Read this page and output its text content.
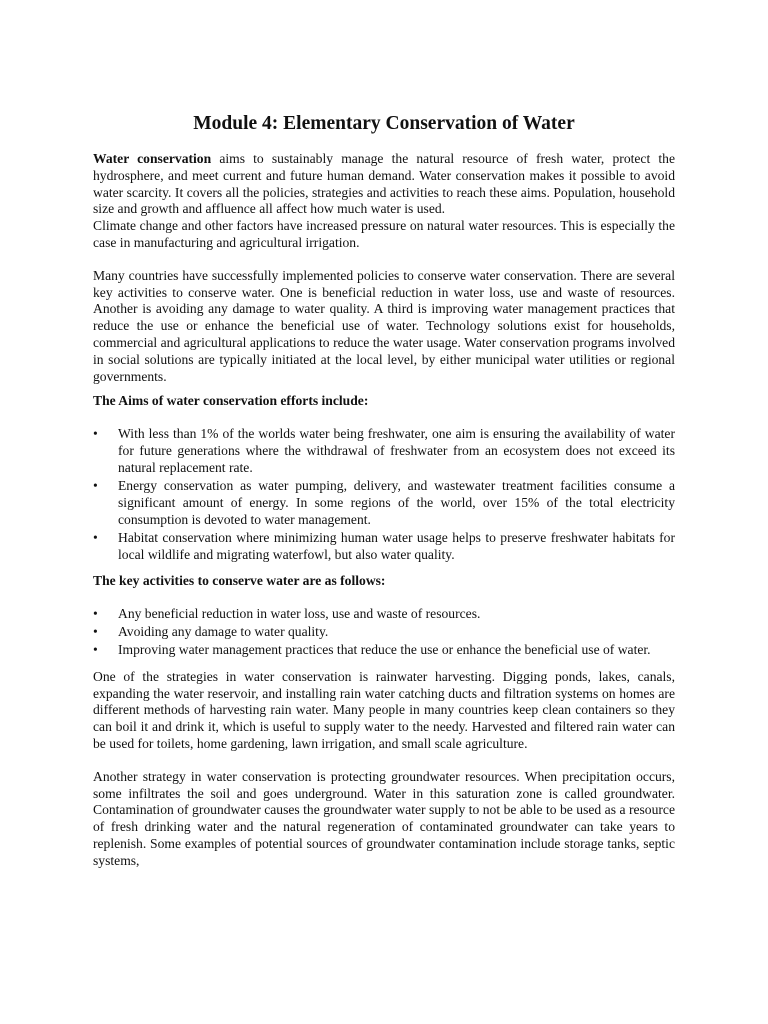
Module 4: Elementary Conservation of Water

Water conservation aims to sustainably manage the natural resource of fresh water, protect the hydrosphere, and meet current and future human demand. Water conservation makes it possible to avoid water scarcity. It covers all the policies, strategies and activities to reach these aims. Population, household size and growth and affluence all affect how much water is used.

Climate change and other factors have increased pressure on natural water resources. This is especially the case in manufacturing and agricultural irrigation.

Many countries have successfully implemented policies to conserve water conservation. There are several key activities to conserve water. One is beneficial reduction in water loss, use and waste of resources. Another is avoiding any damage to water quality. A third is improving water management practices that reduce the use or enhance the beneficial use of water. Technology solutions exist for households, commercial and agricultural applications to reduce the water usage. Water conservation programs involved in social solutions are typically initiated at the local level, by either municipal water utilities or regional governments.

The Aims of water conservation efforts include:

•	With less than 1% of the worlds water being freshwater, one aim is ensuring the availability of water for future generations where the withdrawal of freshwater from an ecosystem does not exceed its natural replacement rate.
•	Energy conservation as water pumping, delivery, and wastewater treatment facilities consume a significant amount of energy. In some regions of the world, over 15% of the total electricity consumption is devoted to water management.
•	Habitat conservation where minimizing human water usage helps to preserve freshwater habitats for local wildlife and migrating waterfowl, but also water quality.

The key activities to conserve water are as follows:

•	Any beneficial reduction in water loss, use and waste of resources.
•	Avoiding any damage to water quality.
•	Improving water management practices that reduce the use or enhance the beneficial use of water.

One of the strategies in water conservation is rainwater harvesting. Digging ponds, lakes, canals, expanding the water reservoir, and installing rain water catching ducts and filtration systems on homes are different methods of harvesting rain water. Many people in many countries keep clean containers so they can boil it and drink it, which is useful to supply water to the needy. Harvested and filtered rain water can be used for toilets, home gardening, lawn irrigation, and small scale agriculture.

Another strategy in water conservation is protecting groundwater resources. When precipitation occurs, some infiltrates the soil and goes underground. Water in this saturation zone is called groundwater. Contamination of groundwater causes the groundwater water supply to not be able to be used as a resource of fresh drinking water and the natural regeneration of contaminated groundwater can take years to replenish. Some examples of potential sources of groundwater contamination include storage tanks, septic systems,
